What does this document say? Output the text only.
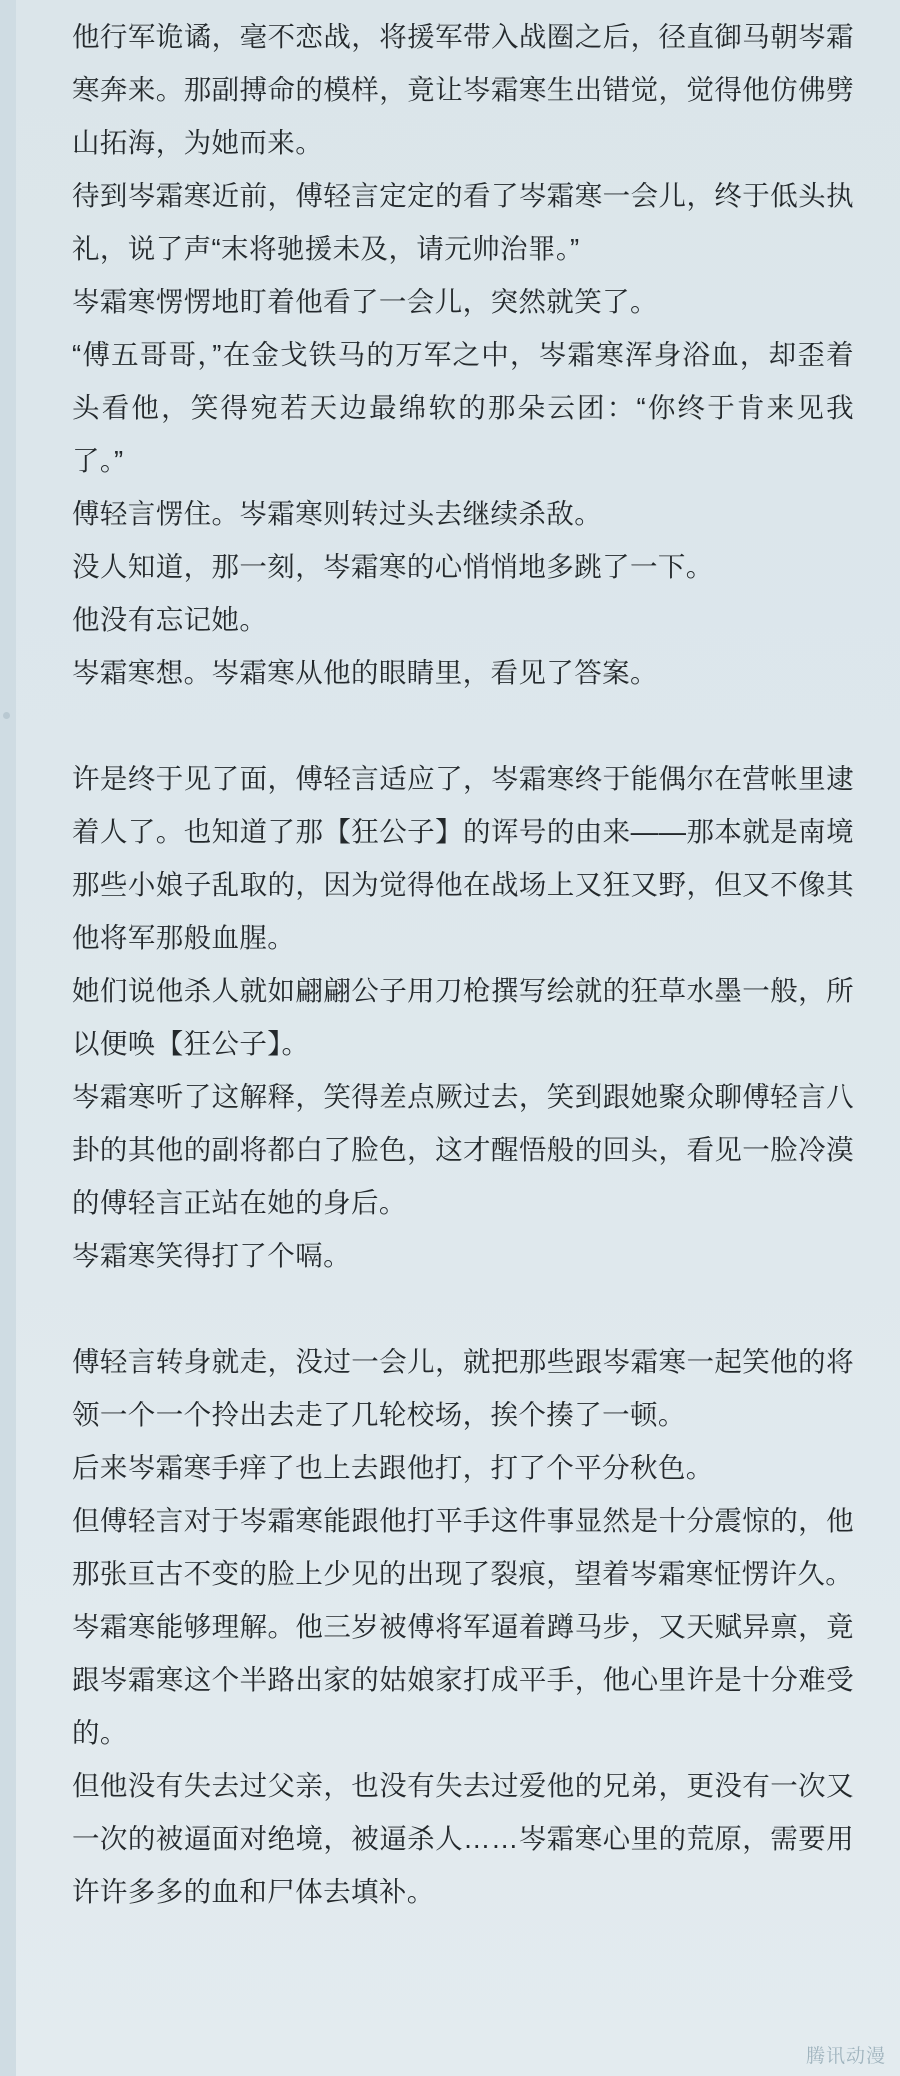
他行军诡谲，毫不恋战，将援军带入战圈之后，径直御马朝岑霜寒奔来。那副搏命的模样，竟让岑霜寒生出错觉，觉得他仿佛劈山拓海，为她而来。

待到岑霜寒近前，傅轻言定定的看了岑霜寒一会儿，终于低头执礼，说了声“末将驰援未及，请元帅治罪。”

岑霜寒愣愣地盯着他看了一会儿，突然就笑了。

“傅五哥哥，”在金戈铁马的万军之中，岑霜寒浑身浴血，却歪着头看他，笑得宛若天边最绵软的那朵云团：“你终于肯来见我了。”

傅轻言愣住。岑霜寒则转过头去继续杀敌。

没人知道，那一刻，岑霜寒的心悄悄地多跳了一下。

他没有忘记她。

岑霜寒想。岑霜寒从他的眼睛里，看见了答案。

许是终于见了面，傅轻言适应了，岑霜寒终于能偶尔在营帐里逮着人了。也知道了那【狂公子】的诨号的由来——那本就是南境那些小娘子乱取的，因为觉得他在战场上又狂又野，但又不像其他将军那般血腥。

她们说他杀人就如翩翩公子用刀枪撰写绘就的狂草水墨一般，所以便唤【狂公子】。

岑霜寒听了这解释，笑得差点厥过去，笑到跟她聚众聊傅轻言八卦的其他的副将都白了脸色，这才醒悟般的回头，看见一脸冷漠的傅轻言正站在她的身后。

岑霜寒笑得打了个嗝。

傅轻言转身就走，没过一会儿，就把那些跟岑霜寒一起笑他的将领一个一个拎出去走了几轮校场，挨个揍了一顿。

后来岑霜寒手痒了也上去跟他打，打了个平分秋色。

但傅轻言对于岑霜寒能跟他打平手这件事显然是十分震惊的，他那张亘古不变的脸上少见的出现了裂痕，望着岑霜寒怔愣许久。

岑霜寒能够理解。他三岁被傅将军逼着蹲马步，又天赋异禀，竟跟岑霜寒这个半路出家的姑娘家打成平手，他心里许是十分难受的。

但他没有失去过父亲，也没有失去过爱他的兄弟，更没有一次又一次的被逼面对绝境，被逼杀人……岑霜寒心里的荒原，需要用许许多多的血和尸体去填补。

腾讯动漫
